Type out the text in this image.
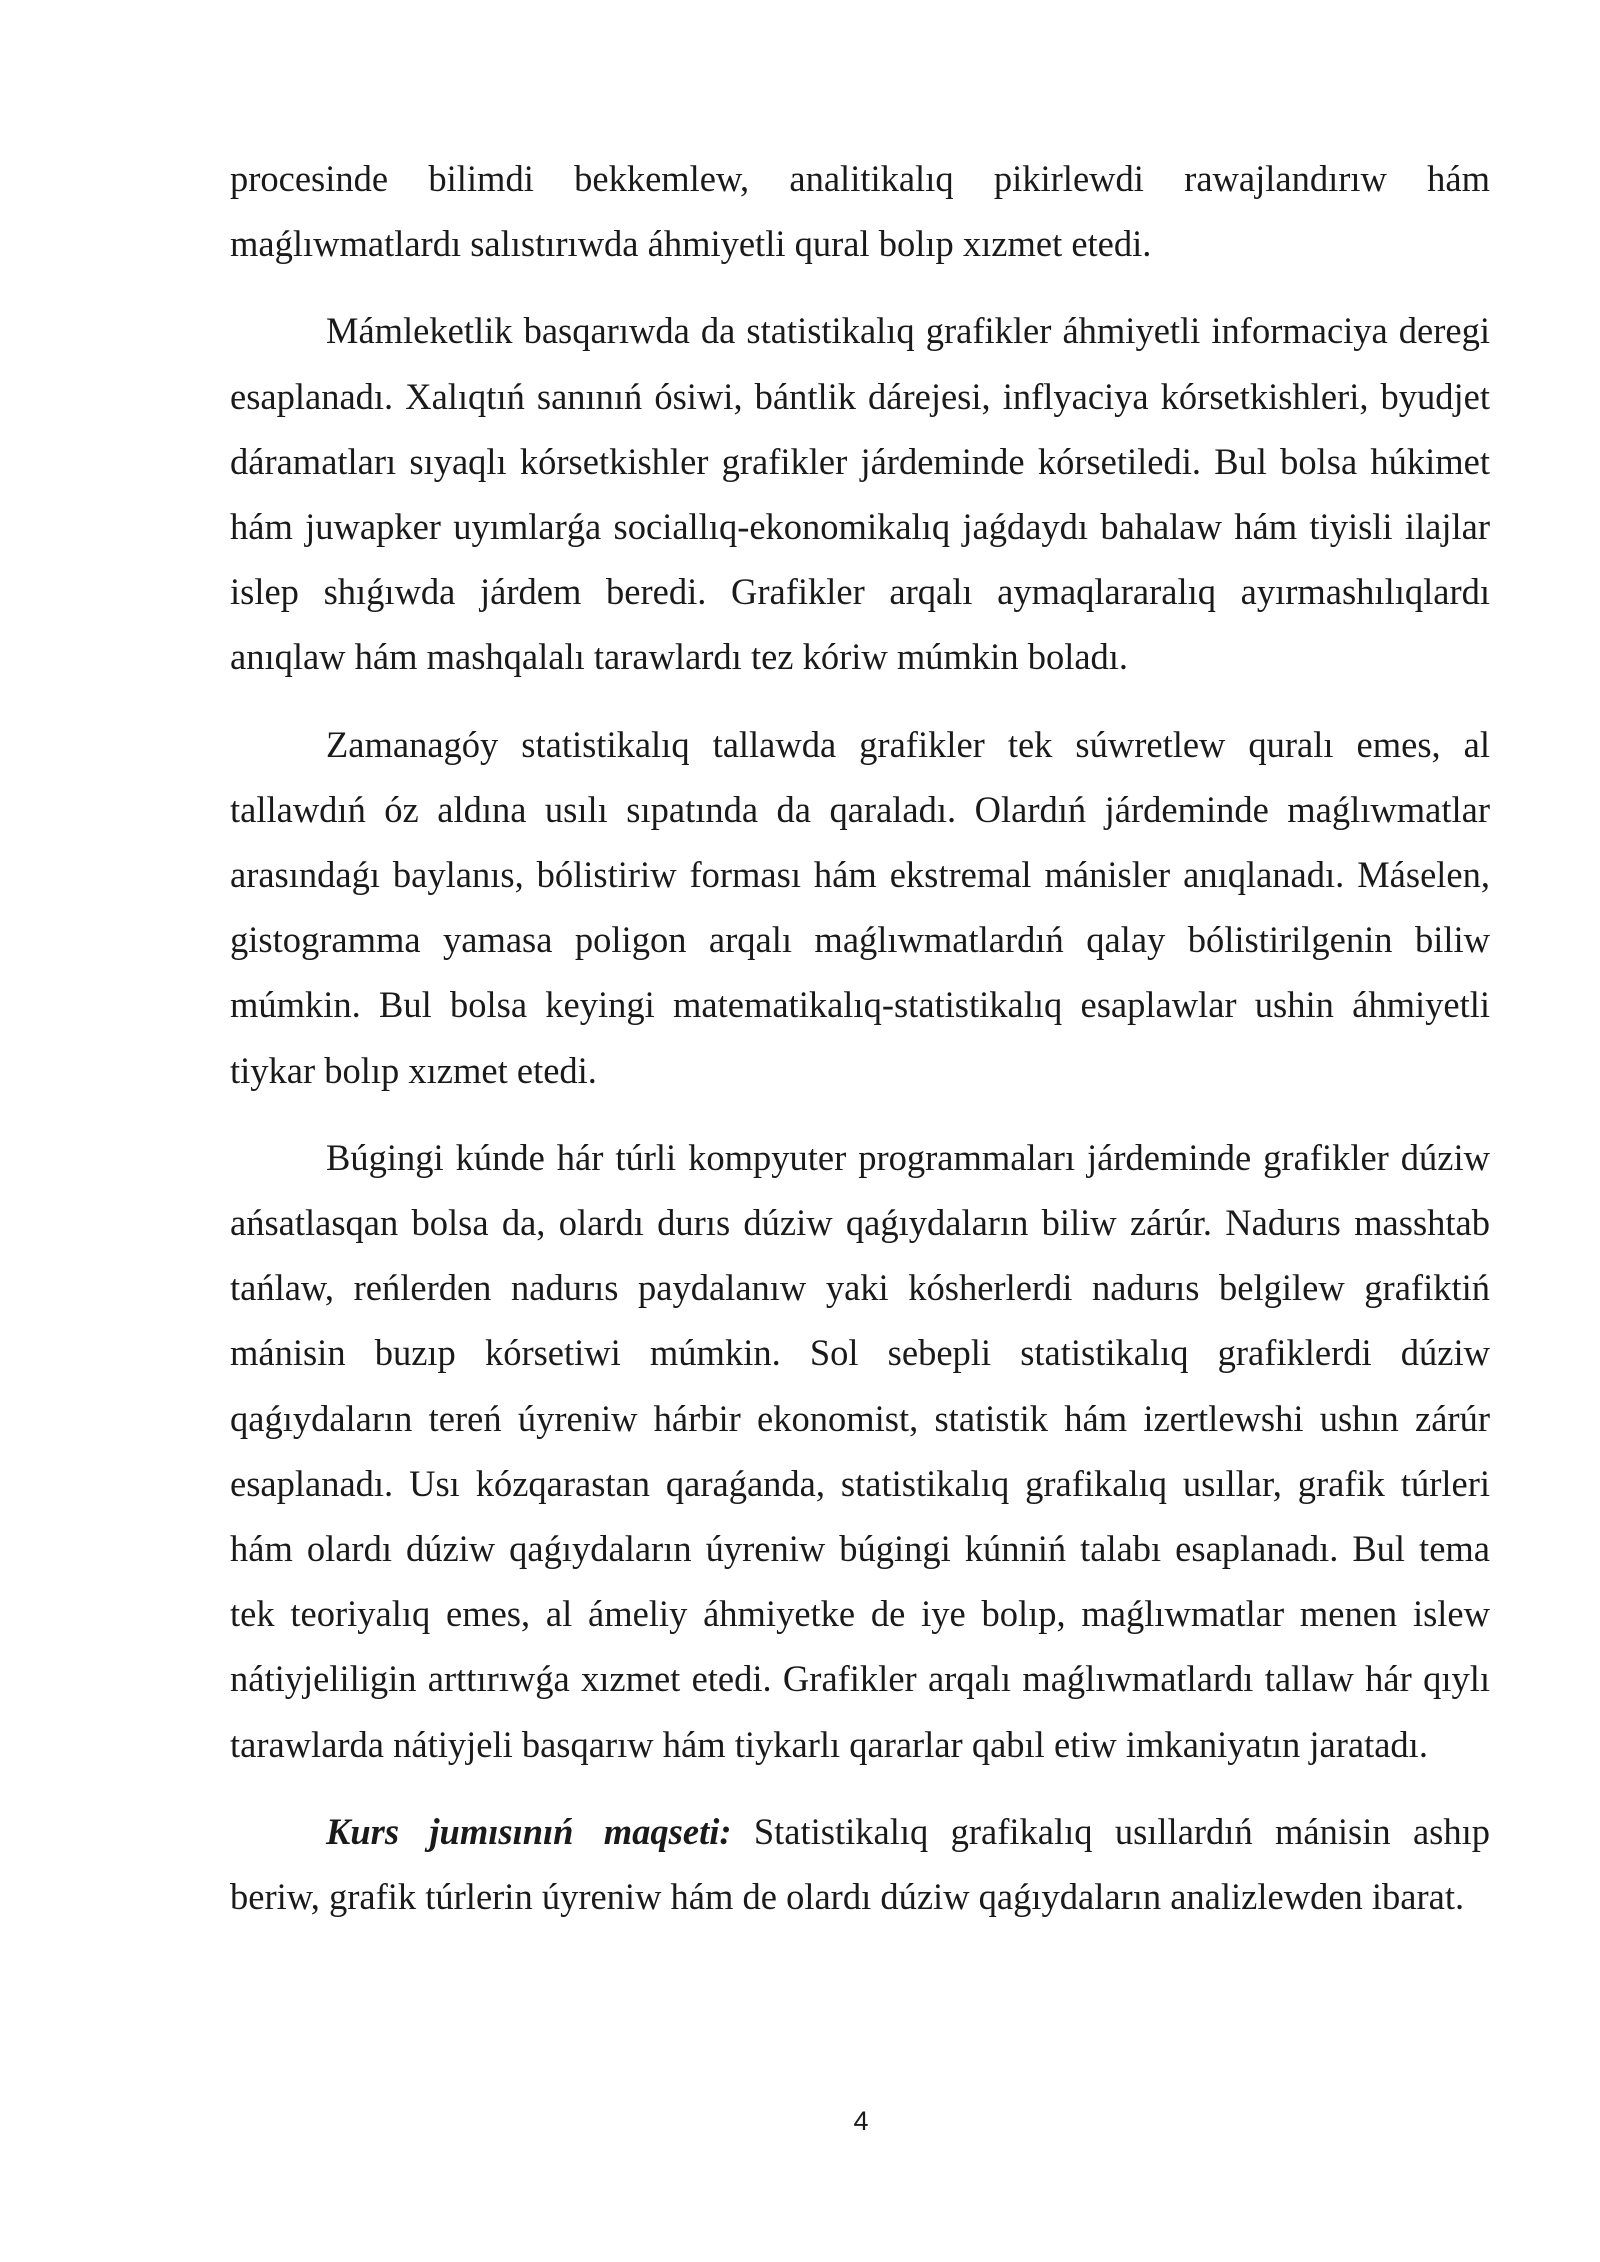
procesinde bilimdi bekkemlew, analitikalıq pikirlewdi rawajlandırıw hám maǵlıwmatlardı salıstırıwda áhmiyetli qural bolıp xızmet etedi.

Mámleketlik basqarıwda da statistikalıq grafikler áhmiyetli informaciya deregi esaplanadı. Xalıqtıń sanınıń ósiwi, bántlik dárejesi, inflyaciya kórsetkishleri, byudjet dáramatları sıyaqlı kórsetkishler grafikler járdeminde kórsetiledi. Bul bolsa húkimet hám juwapker uyımlarǵa sociallıq-ekonomikalıq jaǵdaydı bahalaw hám tiyisli ilajlar islep shıǵıwda járdem beredi. Grafikler arqalı aymaqlararalıq ayırmashılıqlardı anıqlaw hám mashqalalı tarawlardı tez kóriw múmkin boladı.

Zamanagóy statistikalıq tallawda grafikler tek súwretlew quralı emes, al tallawdıń óz aldına usılı sıpatında da qaraladı. Olardıń járdeminde maǵlıwmatlar arasındaǵı baylanıs, bólistiriw forması hám ekstremal mánisler anıqlanadı. Máselen, gistogramma yamasa poligon arqalı maǵlıwmatlardıń qalay bólistirilgenin biliw múmkin. Bul bolsa keyingi matematikalıq-statistikalıq esaplawlar ushin áhmiyetli tiykar bolıp xızmet etedi.

Búgingi kúnde hár túrli kompyuter programmaları járdeminde grafikler dúziw ańsatlasqan bolsa da, olardı durıs dúziw qaǵıydaların biliw zárúr. Nadurıs masshtab tańlaw, reńlerden nadurıs paydalanıw yaki kósherlerdi nadurıs belgilew grafiktiń mánisin buzıp kórsetiwi múmkin. Sol sebepli statistikalıq grafiklerdi dúziw qaǵıydaların tereń úyreniw hárbir ekonomist, statistik hám izertlewshi ushın zárúr esaplanadı. Usı kózqarastan qaraǵanda, statistikalıq grafikalıq usıllar, grafik túrleri hám olardı dúziw qaǵıydaların úyreniw búgingi kúnniń talabı esaplanadı. Bul tema tek teoriyalıq emes, al ámeliy áhmiyetke de iye bolıp, maǵlıwmatlar menen islew nátiyjeliligin arttırıwǵa xızmet etedi. Grafikler arqalı maǵlıwmatlardı tallaw hár qıylı tarawlarda nátiyjeli basqarıw hám tiykarlı qararlar qabıl etiw imkaniyatın jaratadı.

Kurs jumısınıń maqseti: Statistikalıq grafikalıq usıllardıń mánisin ashıp beriw, grafik túrlerin úyreniw hám de olardı dúziw qaǵıydaların analizlewden ibarat.

4
